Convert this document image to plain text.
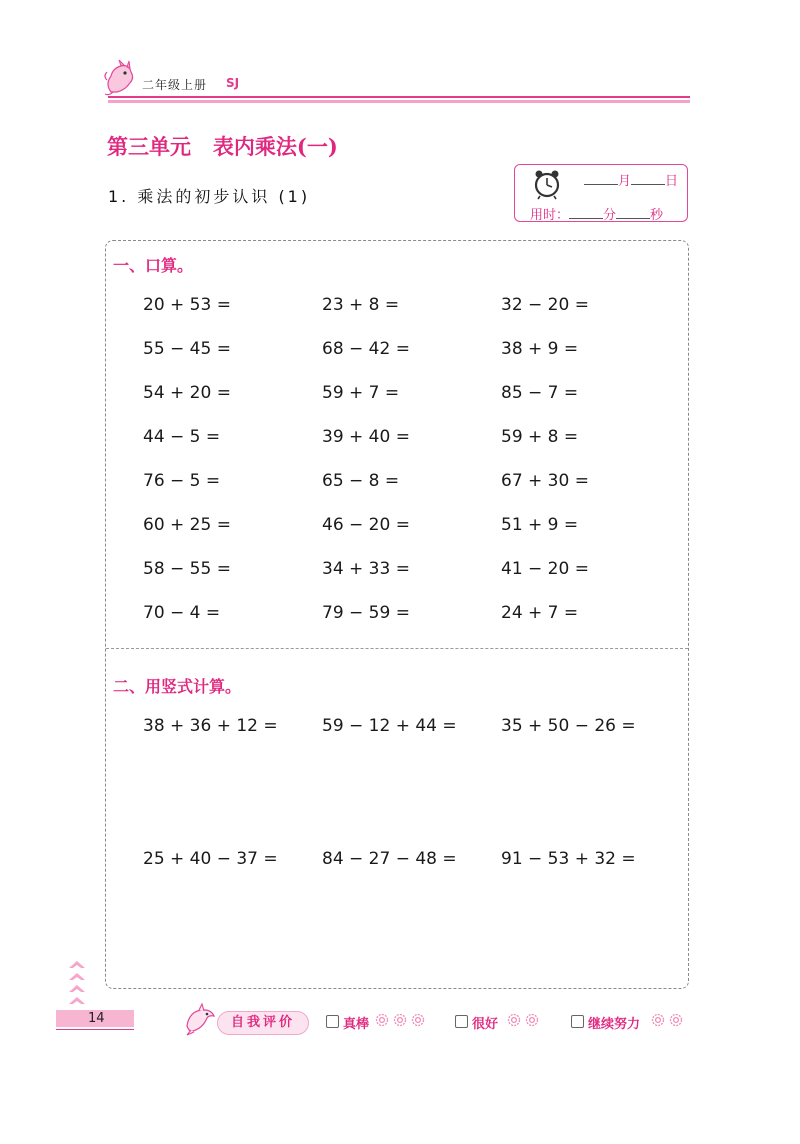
二年级上册 SJ
第三单元   表内乘法(一)
1. 乘法的初步认识 (1)
月	日
用时：	分	秒
一、口算。
20 + 53 =	23 + 8 =	32 − 20 =
55 − 45 =	68 − 42 =	38 + 9 =
54 + 20 =	59 + 7 =	85 − 7 =
44 − 5 =	39 + 40 =	59 + 8 =
76 − 5 =	65 − 8 =	67 + 30 =
60 + 25 =	46 − 20 =	51 + 9 =
58 − 55 =	34 + 33 =	41 − 20 =
70 − 4 =	79 − 59 =	24 + 7 =
二、用竖式计算。
38 + 36 + 12 =	59 − 12 + 44 =	35 + 50 − 26 =
25 + 40 − 37 =	84 − 27 − 48 =	91 − 53 + 32 =
14	自我评价	真棒	很好	继续努力
